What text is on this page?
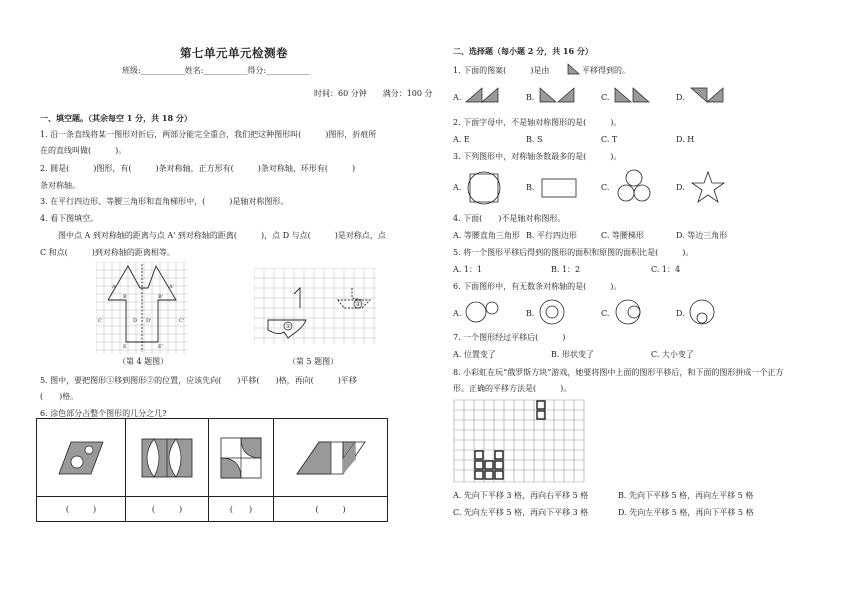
第七单元单元检测卷
班级:___________姓名:___________得分:___________
时间：60 分钟　　满分：100 分
一、填空题。（其余每空 1 分，共 18 分）
1. 沿一条直线将某一图形对折后，两部分能完全重合，我们把这种图形叫(　　　)图形，折痕所
在的直线叫做(　　　)。
2. 圆是(　　　)图形，有(　　　)条对称轴，正方形有(　　　)条对称轴，环形有(　　　)
条对称轴。
3. 在平行四边形、等腰三角形和直角梯形中，(　　　)是轴对称图形。
4. 看下图填空。
图中点 A 到对称轴的距离与点 A' 到对称轴的距离(　　　)，点 D 与点(　　　)是对称点，点
C 和点(　　　)到对称轴的距离相等。
A	A'
B	B'
C	C'
D D'
E	E'
（第 4 题图）
①
②
（第 5 题图）
5. 图中，要把图形①移到图形②的位置，应该先向(　　)平移(　　)格，再向(　　　)平移
(　　)格。
6. 涂色部分占整个图形的几分之几?

(　　　)	(　　　)	(　　)	(　　　)
二、选择题（每小题 2 分，共 16 分）
1. 下面的图案(　　　)是由	平移得到的。
A.	B.	C.	D.
2. 下面字母中，不是轴对称图形的是(　　　)。
A. E	B. S	C. T	D. H
3. 下列图形中，对称轴条数最多的是(　　　)。
A.	B.	C.	D.
4. 下面(　　)不是轴对称图形。
A. 等腰直角三角形 B. 平行四边形	C. 等腰梯形	D. 等边三角形
5. 将一个图形平移后得到的图形的面积和原图的面积比是(　　　)。
A. 1：1	B. 1：2	C. 1：4
6. 下面图形中，有无数条对称轴的是(　　　)。
A.	B.	C.	D.
7. 一个图形经过平移后(　　　)
A. 位置变了	B. 形状变了	C. 大小变了
8. 小彩虹在玩“俄罗斯方块”游戏，她要将图中上面的图形平移后，和下面的图形拼成一个正方
形。正确的平移方法是(　　　)。
A. 先向下平移 3 格，再向右平移 5 格	B. 先向下平移 5 格，再向左平移 5 格
C. 先向左平移 5 格，再向下平移 3 格	D. 先向左平移 5 格，再向下平移 5 格
